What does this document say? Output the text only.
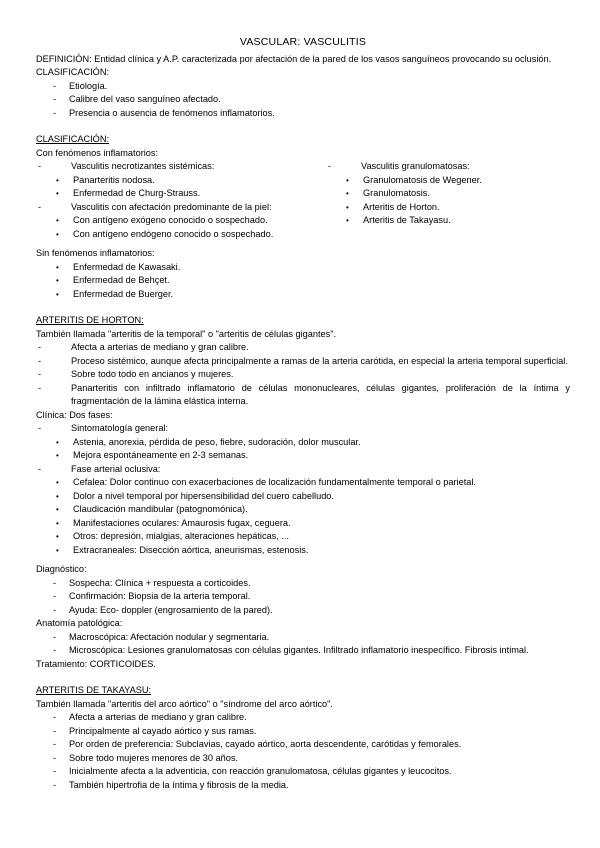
VASCULAR: VASCULITIS

DEFINICIÓN: Entidad clínica y A.P. caracterizada por afectación de la pared de los vasos sanguíneos provocando su oclusión.

CLASIFICACIÓN:

- Etiología.
- Calibre del vaso sanguíneo afectado.
- Presencia o ausencia de fenómenos inflamatorios.

CLASIFICACIÓN:

Con fenómenos inflamatorios:

- Vasculitis necrotizantes sistémicas:
• Panarteritis nodosa.
• Enfermedad de Churg-Strauss.
- Vasculitis con afectación predominante de la piel:
• Con antígeno exógeno conocido o sospechado.
• Con antígeno endógeno conocido o sospechado.
- Vasculitis granulomatosas:
• Granulomatosis de Wegener.
• Granulomatosis.
• Arteritis de Horton.
• Arteritis de Takayasu.

Sin fenómenos inflamatorios:

• Enfermedad de Kawasaki.
• Enfermedad de Behçet.
• Enfermedad de Buerger.

ARTERITIS DE HORTON:

También llamada "arteritis de la temporal" o "arteritis de células gigantes".

- Afecta a arterias de mediano y gran calibre.
- Proceso sistémico, aunque afecta principalmente a ramas de la arteria carótida, en especial la arteria temporal superficial.
- Sobre todo todo en ancianos y mujeres.
- Panarteritis con infiltrado inflamatorio de células mononucleares, células gigantes, proliferación de la íntima y fragmentación de la lámina elástica interna.

Clínica: Dos fases:

- Sintomatología general:
• Astenia, anorexia, pérdida de peso, fiebre, sudoración, dolor muscular.
• Mejora espontáneamente en 2-3 semanas.
- Fase arterial oclusiva:
• Cefalea: Dolor continuo con exacerbaciones de localización fundamentalmente temporal o parietal.
• Dolor a nivel temporal por hipersensibilidad del cuero cabelludo.
• Claudicación mandibular (patognomónica).
• Manifestaciones oculares: Amaurosis fugax, ceguera.
• Otros: depresión, mialgias, alteraciones hepáticas, ...
• Extracraneales: Disección aórtica, aneurismas, estenosis.

Diagnóstico:

- Sospecha: Clínica + respuesta a corticoides.
- Confirmación: Biopsia de la arteria temporal.
- Ayuda: Eco- doppler (engrosamiento de la pared).

Anatomía patológica:

- Macroscópica: Afectación nodular y segmentaria.
- Microscópica: Lesiones granulomatosas con células gigantes. Infiltrado inflamatorio inespecífico. Fibrosis intimal.

Tratamiento: CORTICOIDES.

ARTERITIS DE TAKAYASU:

También llamada "arteritis del arco aórtico" o "síndrome del arco aórtico".

- Afecta a arterias de mediano y gran calibre.
- Principalmente al cayado aórtico y sus ramas.
- Por orden de preferencia: Subclavias, cayado aórtico, aorta descendente, carótidas y femorales.
- Sobre todo mujeres menores de 30 años.
- Inicialmente afecta a la adventicia, con reacción granulomatosa, células gigantes y leucocitos.
- También hipertrofia de la íntima y fibrosis de la media.
